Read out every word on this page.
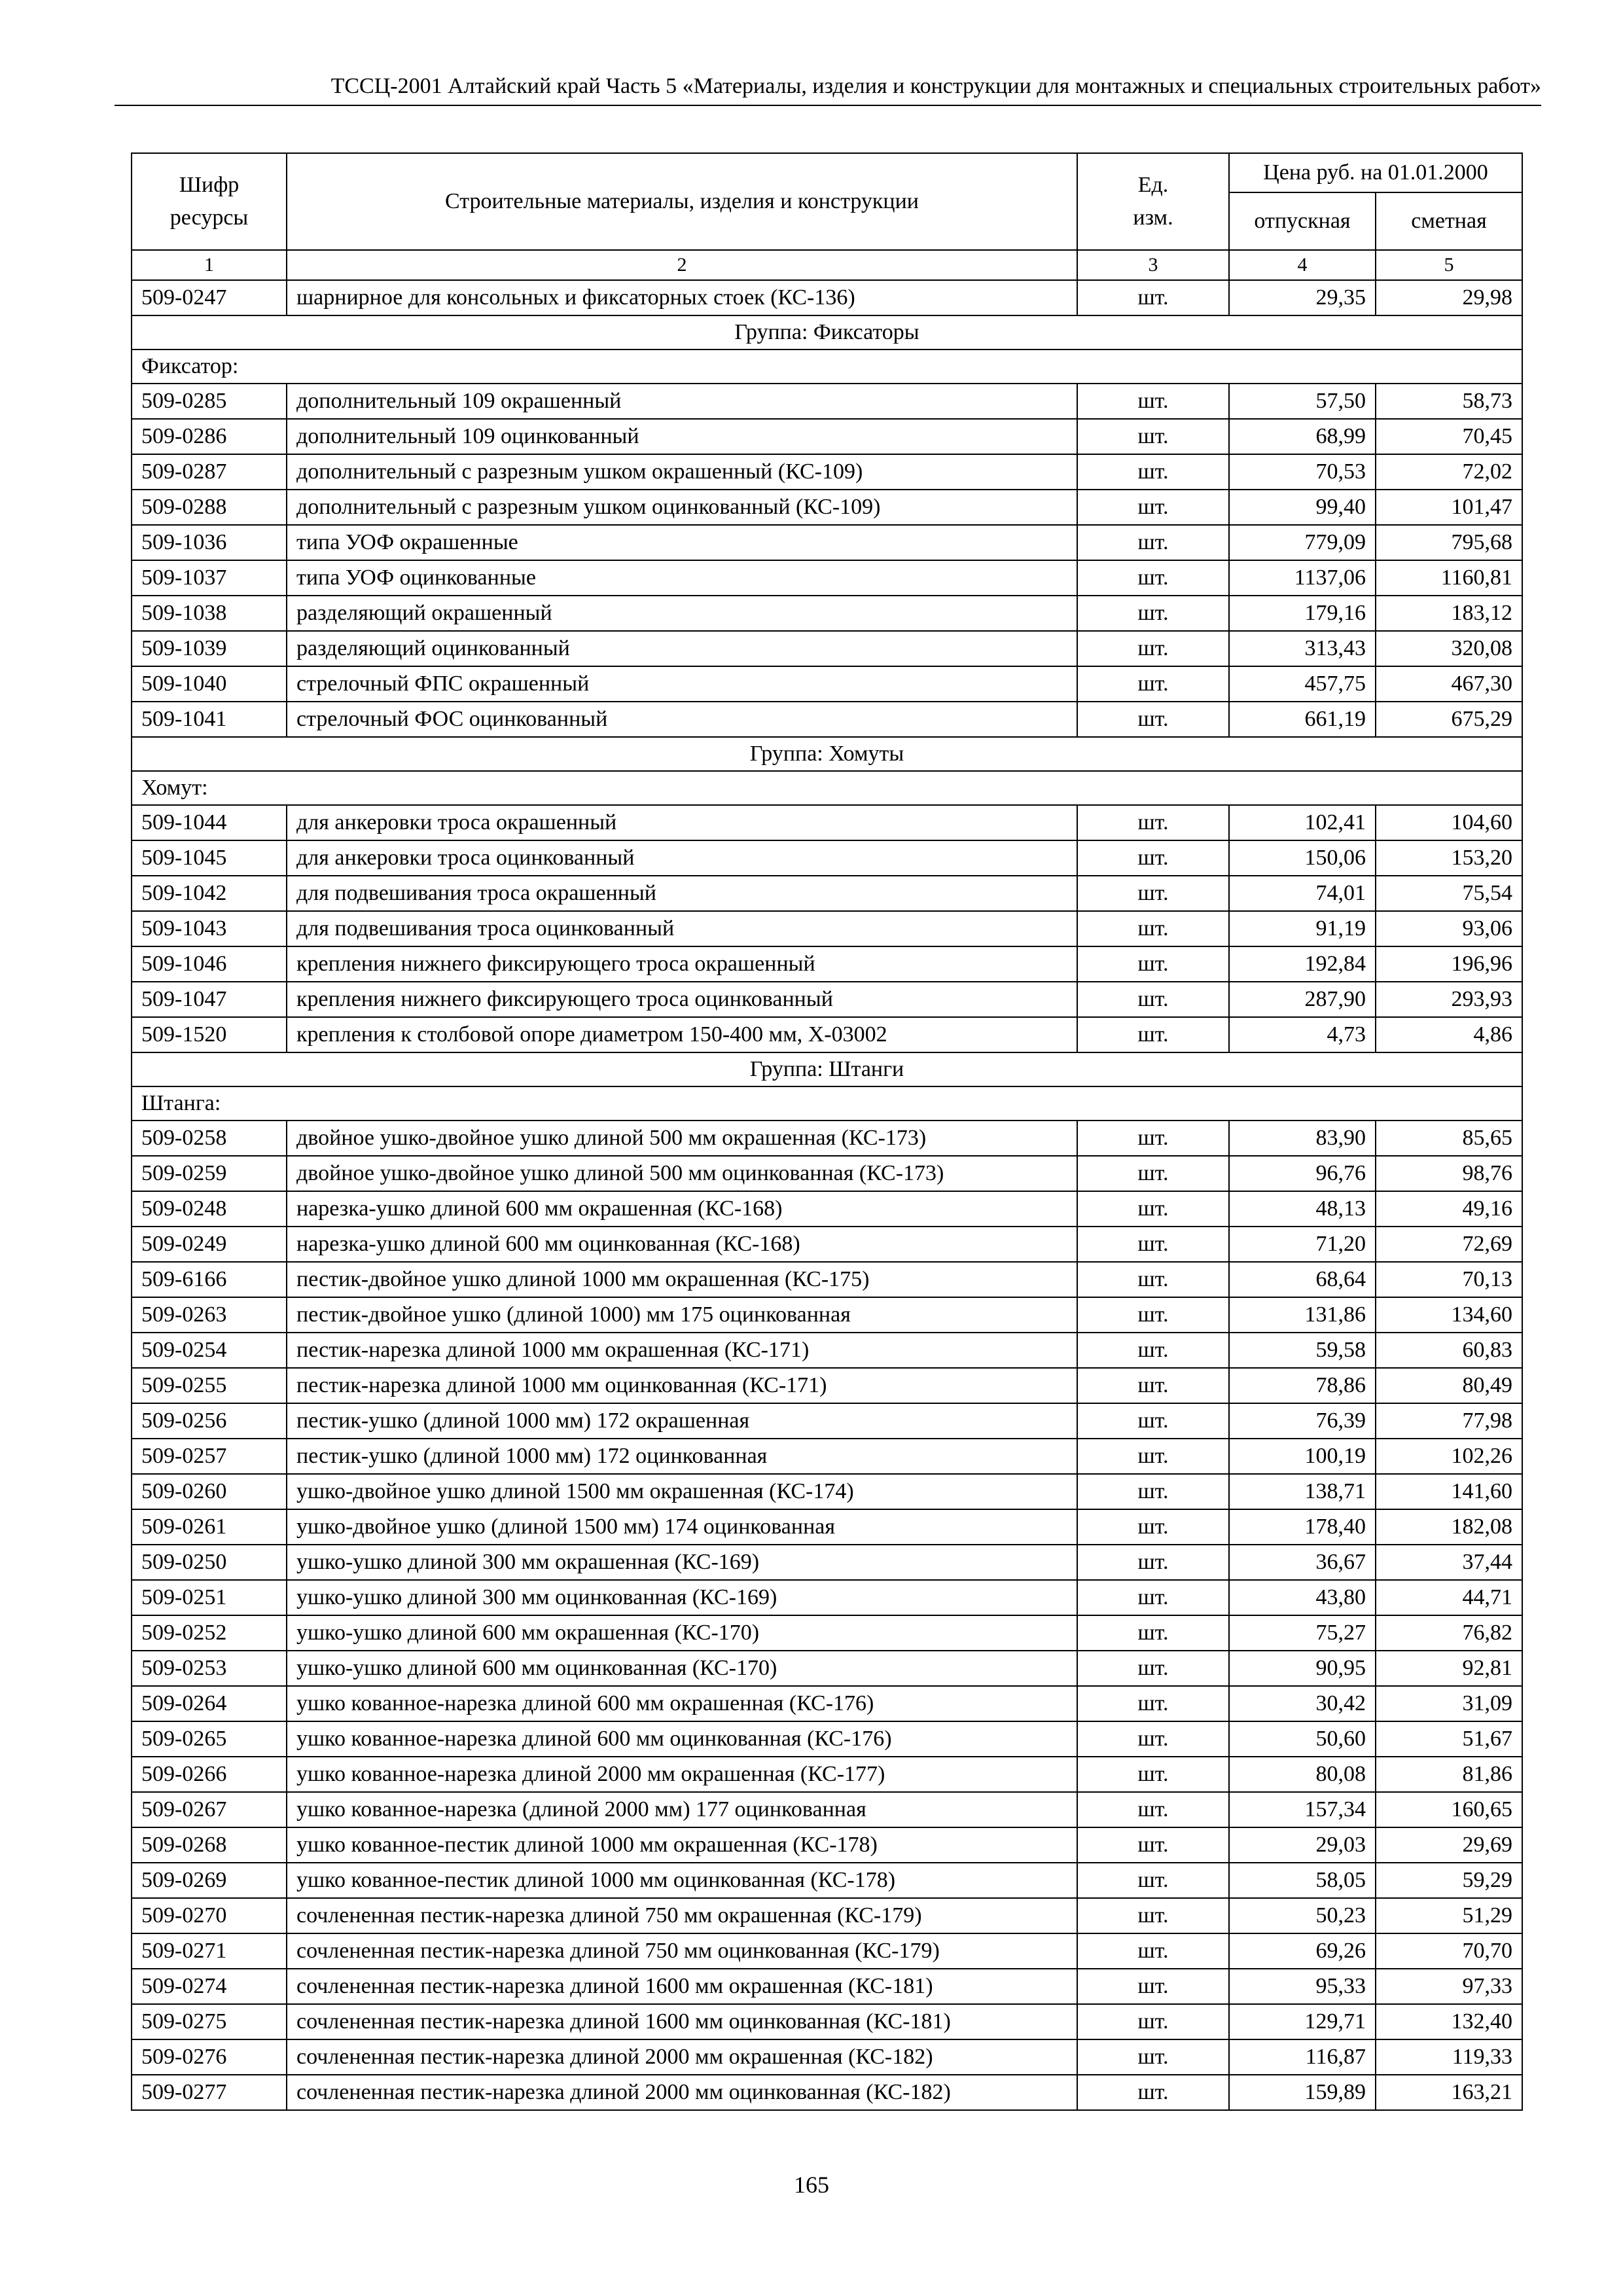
ТССЦ-2001 Алтайский край Часть 5 «Материалы, изделия и конструкции для монтажных и специальных строительных работ»
Шифр ресурсы	Строительные материалы, изделия и конструкции	Ед. изм.	Цена руб. на 01.01.2000	
			отпускная	сметная
1	2	3	4	5
509-0247	шарнирное для консольных и фиксаторных стоек (КС-136)	шт.	29,35	29,98
Группа: Фиксаторы				
Фиксатор:				
509-0285	дополнительный 109 окрашенный	шт.	57,50	58,73
509-0286	дополнительный 109 оцинкованный	шт.	68,99	70,45
509-0287	дополнительный с разрезным ушком окрашенный (КС-109)	шт.	70,53	72,02
509-0288	дополнительный с разрезным ушком оцинкованный (КС-109)	шт.	99,40	101,47
509-1036	типа УОФ окрашенные	шт.	779,09	795,68
509-1037	типа УОФ оцинкованные	шт.	1137,06	1160,81
509-1038	разделяющий окрашенный	шт.	179,16	183,12
509-1039	разделяющий оцинкованный	шт.	313,43	320,08
509-1040	стрелочный ФПС окрашенный	шт.	457,75	467,30
509-1041	стрелочный ФОС оцинкованный	шт.	661,19	675,29
Группа: Хомуты				
Хомут:				
509-1044	для анкеровки троса окрашенный	шт.	102,41	104,60
509-1045	для анкеровки троса оцинкованный	шт.	150,06	153,20
509-1042	для подвешивания троса окрашенный	шт.	74,01	75,54
509-1043	для подвешивания троса оцинкованный	шт.	91,19	93,06
509-1046	крепления нижнего фиксирующего троса окрашенный	шт.	192,84	196,96
509-1047	крепления нижнего фиксирующего троса оцинкованный	шт.	287,90	293,93
509-1520	крепления к столбовой опоре диаметром 150-400 мм, Х-03002	шт.	4,73	4,86
Группа: Штанги				
Штанга:				
509-0258	двойное ушко-двойное ушко длиной 500 мм окрашенная (КС-173)	шт.	83,90	85,65
509-0259	двойное ушко-двойное ушко длиной 500 мм оцинкованная (КС-173)	шт.	96,76	98,76
509-0248	нарезка-ушко длиной 600 мм окрашенная (КС-168)	шт.	48,13	49,16
509-0249	нарезка-ушко длиной 600 мм оцинкованная (КС-168)	шт.	71,20	72,69
509-6166	пестик-двойное ушко длиной 1000 мм окрашенная (КС-175)	шт.	68,64	70,13
509-0263	пестик-двойное ушко (длиной 1000) мм 175 оцинкованная	шт.	131,86	134,60
509-0254	пестик-нарезка длиной 1000 мм окрашенная (КС-171)	шт.	59,58	60,83
509-0255	пестик-нарезка длиной 1000 мм оцинкованная (КС-171)	шт.	78,86	80,49
509-0256	пестик-ушко (длиной 1000 мм) 172 окрашенная	шт.	76,39	77,98
509-0257	пестик-ушко (длиной 1000 мм) 172 оцинкованная	шт.	100,19	102,26
509-0260	ушко-двойное ушко длиной 1500 мм окрашенная (КС-174)	шт.	138,71	141,60
509-0261	ушко-двойное ушко (длиной 1500 мм) 174 оцинкованная	шт.	178,40	182,08
509-0250	ушко-ушко длиной 300 мм окрашенная (КС-169)	шт.	36,67	37,44
509-0251	ушко-ушко длиной 300 мм оцинкованная (КС-169)	шт.	43,80	44,71
509-0252	ушко-ушко длиной 600 мм окрашенная (КС-170)	шт.	75,27	76,82
509-0253	ушко-ушко длиной 600 мм оцинкованная (КС-170)	шт.	90,95	92,81
509-0264	ушко кованное-нарезка длиной 600 мм окрашенная (КС-176)	шт.	30,42	31,09
509-0265	ушко кованное-нарезка длиной 600 мм оцинкованная (КС-176)	шт.	50,60	51,67
509-0266	ушко кованное-нарезка длиной 2000 мм окрашенная (КС-177)	шт.	80,08	81,86
509-0267	ушко кованное-нарезка (длиной 2000 мм) 177 оцинкованная	шт.	157,34	160,65
509-0268	ушко кованное-пестик длиной 1000 мм окрашенная (КС-178)	шт.	29,03	29,69
509-0269	ушко кованное-пестик длиной 1000 мм оцинкованная (КС-178)	шт.	58,05	59,29
509-0270	сочлененная пестик-нарезка длиной 750 мм окрашенная (КС-179)	шт.	50,23	51,29
509-0271	сочлененная пестик-нарезка длиной 750 мм оцинкованная (КС-179)	шт.	69,26	70,70
509-0274	сочлененная пестик-нарезка длиной 1600 мм окрашенная (КС-181)	шт.	95,33	97,33
509-0275	сочлененная пестик-нарезка длиной 1600 мм оцинкованная (КС-181)	шт.	129,71	132,40
509-0276	сочлененная пестик-нарезка длиной 2000 мм окрашенная (КС-182)	шт.	116,87	119,33
509-0277	сочлененная пестик-нарезка длиной 2000 мм оцинкованная (КС-182)	шт.	159,89	163,21
165
